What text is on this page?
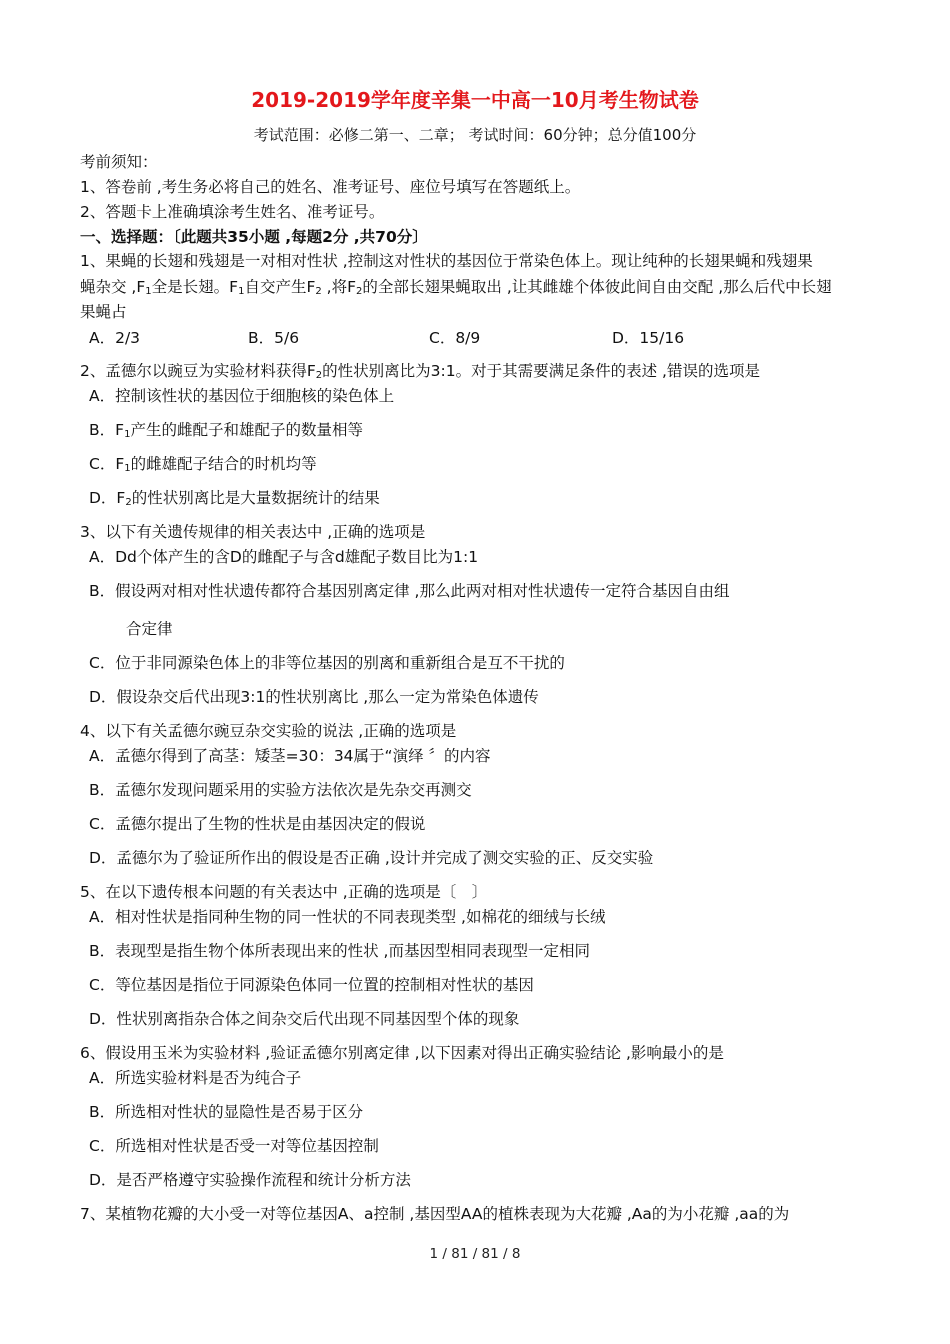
2019-2019学年度辛集一中高一10月考生物试卷
考试范围：必修二第一、二章； 考试时间：60分钟；总分值100分
考前须知：
1、答卷前 ,考生务必将自己的姓名、准考证号、座位号填写在答题纸上。
2、答题卡上准确填涂考生姓名、准考证号。
一、选择题：〔此题共35小题 ,每题2分 ,共70分〕
1、果蝇的长翅和残翅是一对相对性状 ,控制这对性状的基因位于常染色体上。现让纯种的长翅果蝇和残翅果
蝇杂交 $,F_1$全是长翅。$F_1$自交产生$F_2$ ,将$F_2$的全部长翅果蝇取出 ,让其雌雄个体彼此间自由交配 ,那么后代中长翅
果蝇占
A．2/3	B．5/6	C．8/9	D．15/16
2、孟德尔以豌豆为实验材料获得$F_2$的性状别离比为3:1。对于其需要满足条件的表述 ,错误的选项是
A．控制该性状的基因位于细胞核的染色体上
B．$F_1$产生的雌配子和雄配子的数量相等
C．$F_1$的雌雄配子结合的时机均等
D．$F_2$的性状别离比是大量数据统计的结果
3、以下有关遗传规律的相关表达中 ,正确的选项是
A．Dd个体产生的含D的雌配子与含d雄配子数目比为1:1
B．假设两对相对性状遗传都符合基因别离定律 ,那么此两对相对性状遗传一定符合基因自由组
合定律
C．位于非同源染色体上的非等位基因的别离和重新组合是互不干扰的
D．假设杂交后代出现3:1的性状别离比 ,那么一定为常染色体遗传
4、以下有关孟德尔豌豆杂交实验的说法 ,正确的选项是
A．孟德尔得到了高茎：矮茎=30：34属于“演绎 〞的内容
B．孟德尔发现问题采用的实验方法依次是先杂交再测交
C．孟德尔提出了生物的性状是由基因决定的假说
D．孟德尔为了验证所作出的假设是否正确 ,设计并完成了测交实验的正、反交实验
5、在以下遗传根本问题的有关表达中 ,正确的选项是〔　〕
A．相对性状是指同种生物的同一性状的不同表现类型 ,如棉花的细绒与长绒
B．表现型是指生物个体所表现出来的性状 ,而基因型相同表现型一定相同
C．等位基因是指位于同源染色体同一位置的控制相对性状的基因
D．性状别离指杂合体之间杂交后代出现不同基因型个体的现象
6、假设用玉米为实验材料 ,验证孟德尔别离定律 ,以下因素对得出正确实验结论 ,影响最小的是
A．所选实验材料是否为纯合子
B．所选相对性状的显隐性是否易于区分
C．所选相对性状是否受一对等位基因控制
D．是否严格遵守实验操作流程和统计分析方法
7、某植物花瓣的大小受一对等位基因A、a控制 ,基因型AA的植株表现为大花瓣 ,Aa的为小花瓣 ,aa的为
1 / 81 / 81 / 8
